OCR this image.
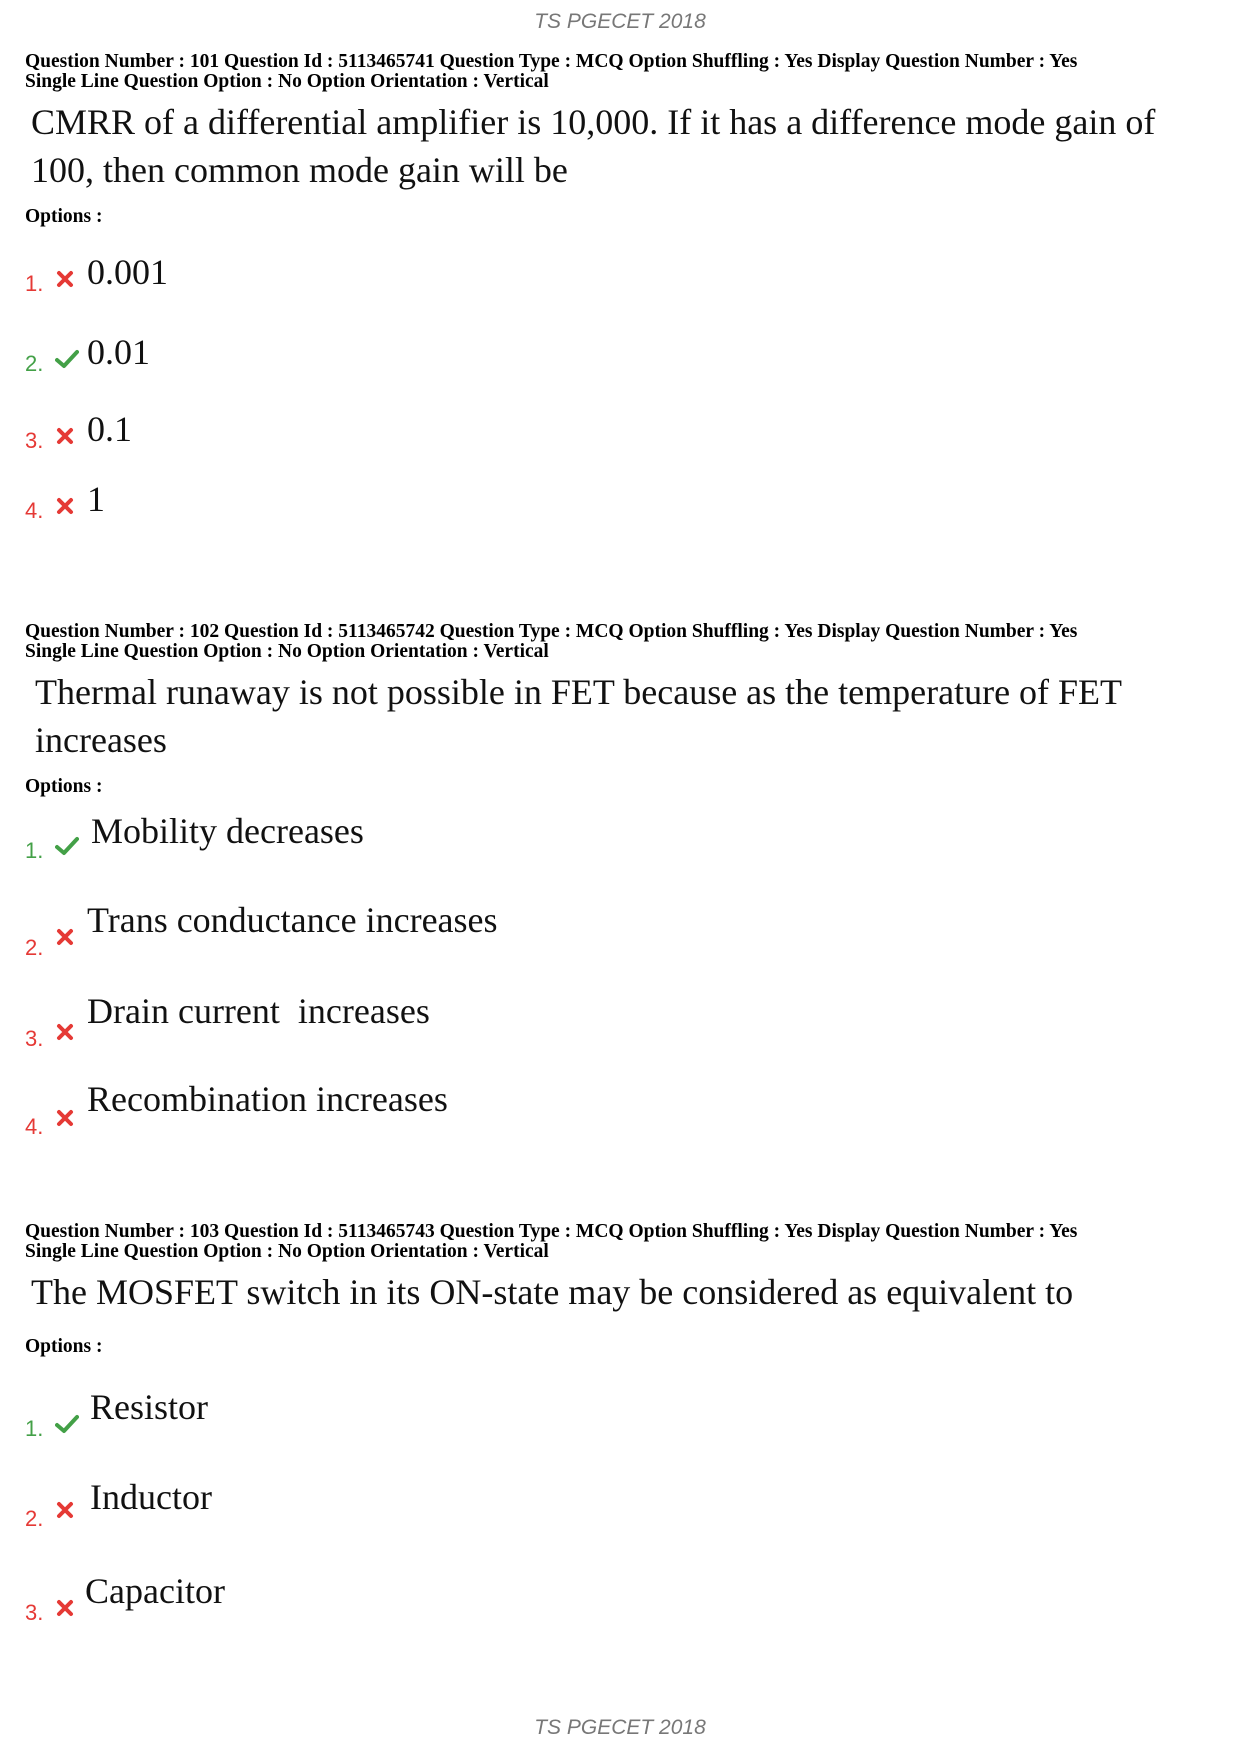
TS PGECET 2018
Question Number : 101 Question Id : 5113465741 Question Type : MCQ Option Shuffling : Yes Display Question Number : Yes
Single Line Question Option : No Option Orientation : Vertical
CMRR of a differential amplifier is 10,000. If it has a difference mode gain of 100, then common mode gain will be
Options :
1. 0.001
2. 0.01
3. 0.1
4. 1
Question Number : 102 Question Id : 5113465742 Question Type : MCQ Option Shuffling : Yes Display Question Number : Yes
Single Line Question Option : No Option Orientation : Vertical
Thermal runaway is not possible in FET because as the temperature of FET increases
Options :
1. Mobility decreases
2.
Trans conductance increases
3.
Drain current  increases
4.
Recombination increases
Question Number : 103 Question Id : 5113465743 Question Type : MCQ Option Shuffling : Yes Display Question Number : Yes
Single Line Question Option : No Option Orientation : Vertical
The MOSFET switch in its ON-state may be considered as equivalent to
Options :
1.
Resistor
2.
Inductor
3.
Capacitor
TS PGECET 2018
